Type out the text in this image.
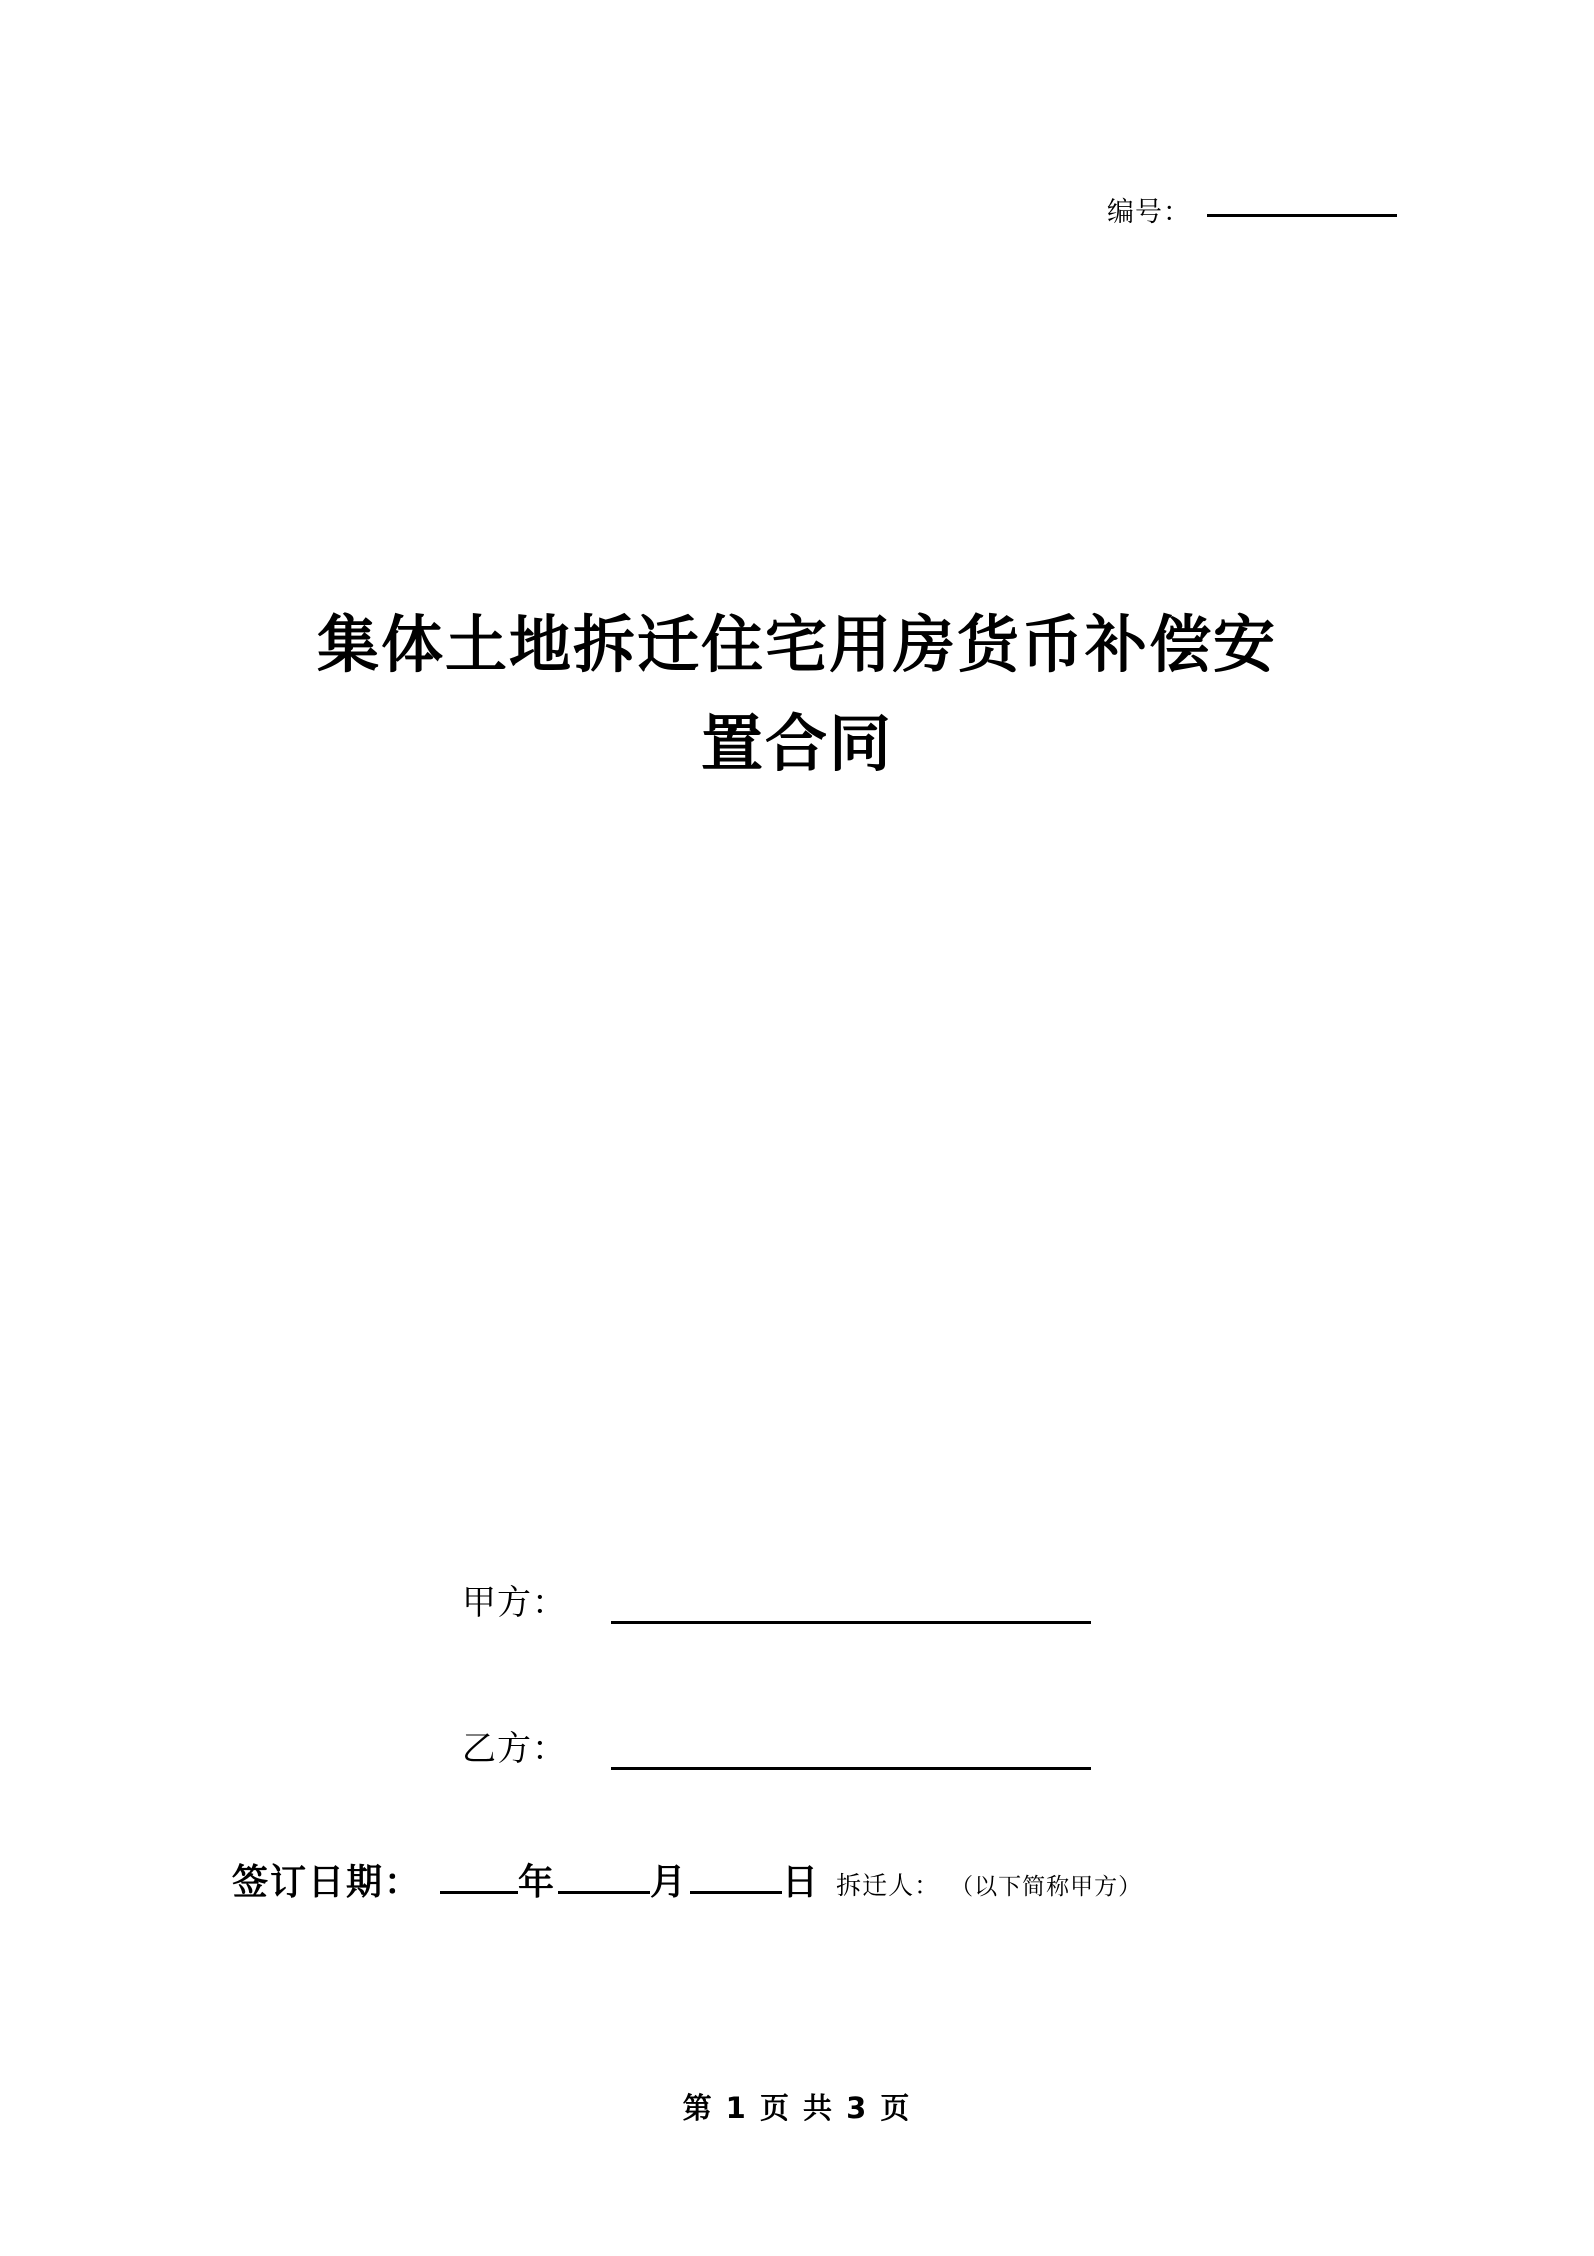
编号：
集体土地拆迁住宅用房货币补偿安
置合同
甲方：
乙方：
签订日期：	年	月	日 拆迁人： （以下简称甲方）
第 1 页 共 3 页
